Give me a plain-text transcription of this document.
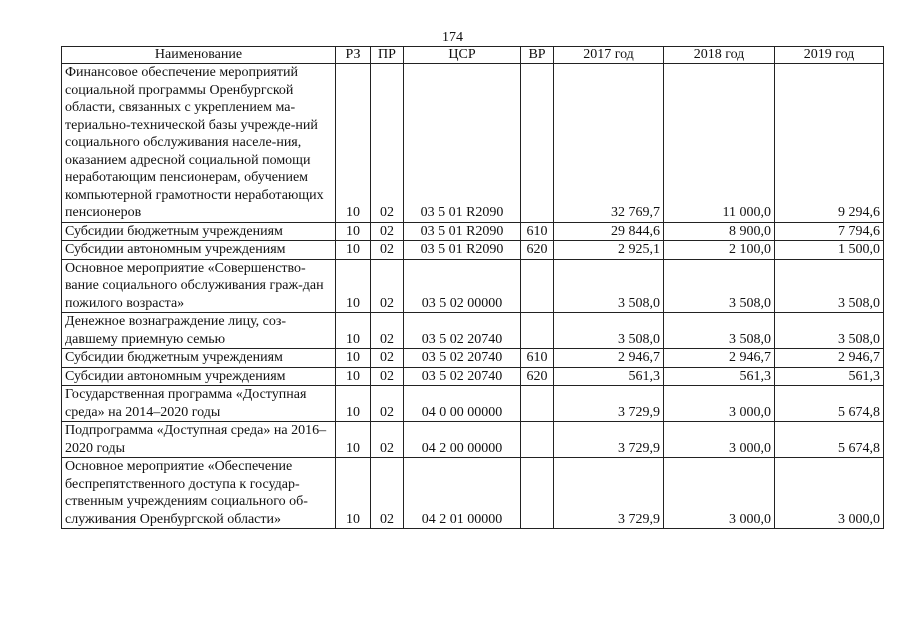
174
Наименование	РЗ	ПР	ЦСР	ВР	2017 год	2018 год	2019 год
Финансовое обеспечение мероприятий социальной программы Оренбургской области, связанных с укреплением ма-териально-технической базы учрежде-ний социального обслуживания населе-ния, оказанием адресной социальной помощи неработающим пенсионерам, обучением компьютерной грамотности неработающих пенсионеров	10	02	03 5 01 R2090		32 769,7	11 000,0	9 294,6
Субсидии бюджетным учреждениям	10	02	03 5 01 R2090	610	29 844,6	8 900,0	7 794,6
Субсидии автономным учреждениям	10	02	03 5 01 R2090	620	2 925,1	2 100,0	1 500,0
Основное мероприятие «Совершенство-вание социального обслуживания граж-дан пожилого возраста»	10	02	03 5 02 00000		3 508,0	3 508,0	3 508,0
Денежное вознаграждение лицу, соз-давшему приемную семью	10	02	03 5 02 20740		3 508,0	3 508,0	3 508,0
Субсидии бюджетным учреждениям	10	02	03 5 02 20740	610	2 946,7	2 946,7	2 946,7
Субсидии автономным учреждениям	10	02	03 5 02 20740	620	561,3	561,3	561,3
Государственная программа «Доступная среда» на 2014–2020 годы	10	02	04 0 00 00000		3 729,9	3 000,0	5 674,8
Подпрограмма «Доступная среда» на 2016–2020 годы	10	02	04 2 00 00000		3 729,9	3 000,0	5 674,8
Основное мероприятие «Обеспечение беспрепятственного доступа к государ-ственным учреждениям социального об-служивания Оренбургской области»	10	02	04 2 01 00000		3 729,9	3 000,0	3 000,0
